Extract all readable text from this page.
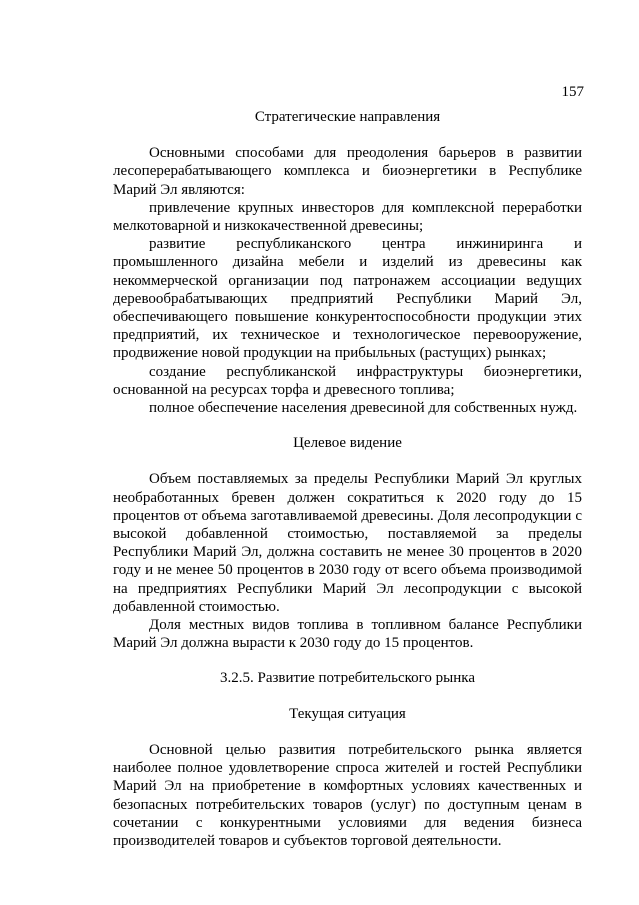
157

Стратегические направления

Основными способами для преодоления барьеров в развитии лесоперерабатывающего комплекса и биоэнергетики в Республике Марий Эл являются:

привлечение крупных инвесторов для комплексной переработки мелкотоварной и низкокачественной древесины;

развитие республиканского центра инжиниринга и промышленного дизайна мебели и изделий из древесины как некоммерческой организации под патронажем ассоциации ведущих деревообрабатывающих предприятий Республики Марий Эл, обеспечивающего повышение конкурентоспособности продукции этих предприятий, их техническое и технологическое перевооружение, продвижение новой продукции на прибыльных (растущих) рынках;

создание республиканской инфраструктуры биоэнергетики, основанной на ресурсах торфа и древесного топлива;

полное обеспечение населения древесиной для собственных нужд.

Целевое видение

Объем поставляемых за пределы Республики Марий Эл круглых необработанных бревен должен сократиться к 2020 году до 15 процентов от объема заготавливаемой древесины. Доля лесопродукции с высокой добавленной стоимостью, поставляемой за пределы Республики Марий Эл, должна составить не менее 30 процентов в 2020 году и не менее 50 процентов в 2030 году от всего объема производимой на предприятиях Республики Марий Эл лесопродукции с высокой добавленной стоимостью.

Доля местных видов топлива в топливном балансе Республики Марий Эл должна вырасти к 2030 году до 15 процентов.

3.2.5. Развитие потребительского рынка

Текущая ситуация

Основной целью развития потребительского рынка является наиболее полное удовлетворение спроса жителей и гостей Республики Марий Эл на приобретение в комфортных условиях качественных и безопасных потребительских товаров (услуг) по доступным ценам в сочетании с конкурентными условиями для ведения бизнеса производителей товаров и субъектов торговой деятельности.
